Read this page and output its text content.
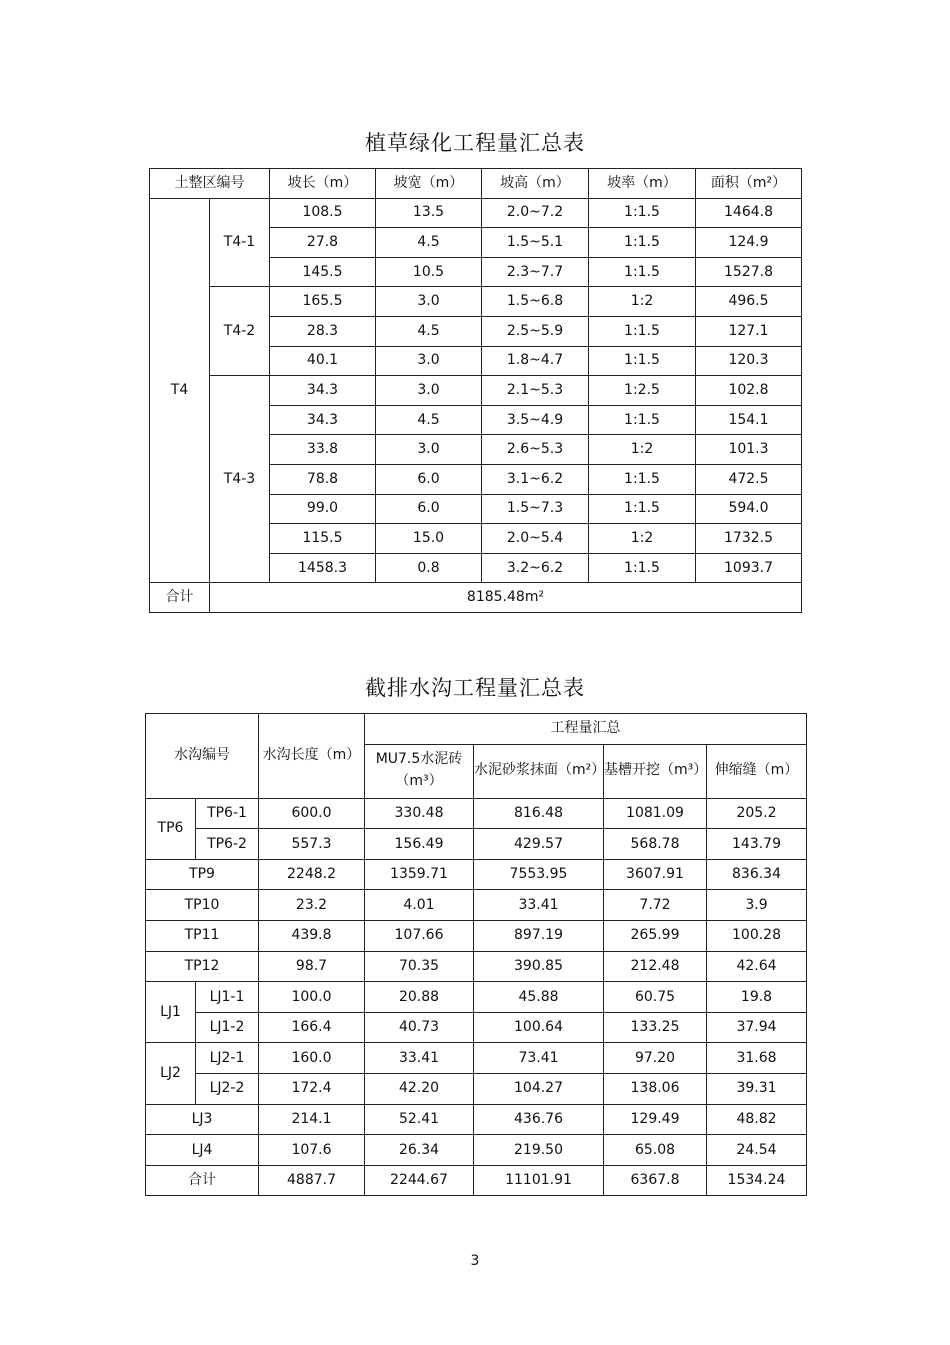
植草绿化工程量汇总表
土整区编号		坡长（m）	坡宽（m）	坡高（m）	坡率（m）	面积（m²）
T4	T4-1	108.5	13.5	2.0~7.2	1:1.5	1464.8
		27.8	4.5	1.5~5.1	1:1.5	124.9
		145.5	10.5	2.3~7.7	1:1.5	1527.8
	T4-2	165.5	3.0	1.5~6.8	1:2	496.5
		28.3	4.5	2.5~5.9	1:1.5	127.1
		40.1	3.0	1.8~4.7	1:1.5	120.3
	T4-3	34.3	3.0	2.1~5.3	1:2.5	102.8
		34.3	4.5	3.5~4.9	1:1.5	154.1
		33.8	3.0	2.6~5.3	1:2	101.3
		78.8	6.0	3.1~6.2	1:1.5	472.5
		99.0	6.0	1.5~7.3	1:1.5	594.0
		115.5	15.0	2.0~5.4	1:2	1732.5
		1458.3	0.8	3.2~6.2	1:1.5	1093.7
合计	8185.48m²					
截排水沟工程量汇总表
水沟编号		水沟长度（m）	工程量汇总			
			MU7.5水泥砖（m³）	水泥砂浆抹面（m²）	基槽开挖（m³）	伸缩缝（m）
TP6	TP6-1	600.0	330.48	816.48	1081.09	205.2
	TP6-2	557.3	156.49	429.57	568.78	143.79
TP9		2248.2	1359.71	7553.95	3607.91	836.34
TP10		23.2	4.01	33.41	7.72	3.9
TP11		439.8	107.66	897.19	265.99	100.28
TP12		98.7	70.35	390.85	212.48	42.64
LJ1	LJ1-1	100.0	20.88	45.88	60.75	19.8
	LJ1-2	166.4	40.73	100.64	133.25	37.94
LJ2	LJ2-1	160.0	33.41	73.41	97.20	31.68
	LJ2-2	172.4	42.20	104.27	138.06	39.31
LJ3		214.1	52.41	436.76	129.49	48.82
LJ4		107.6	26.34	219.50	65.08	24.54
合计		4887.7	2244.67	11101.91	6367.8	1534.24
3
